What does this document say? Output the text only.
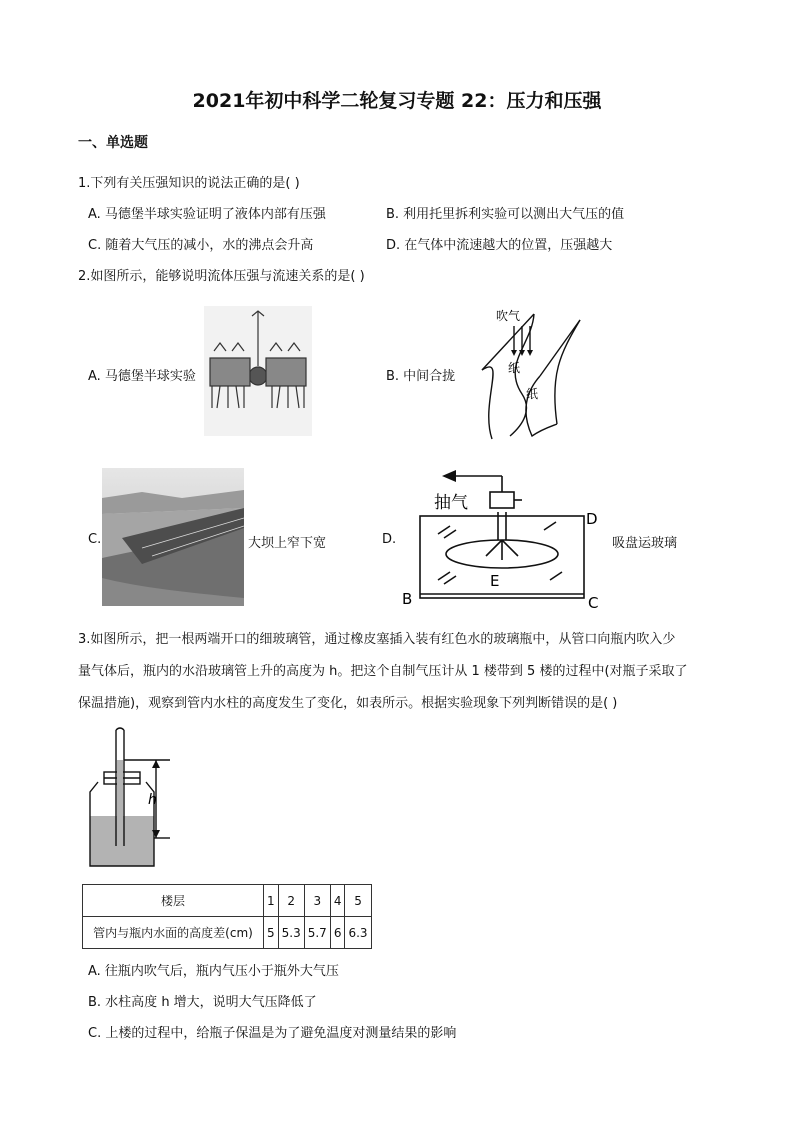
2021年初中科学二轮复习专题 22：压力和压强
一、单选题
1.下列有关压强知识的说法正确的是( )
A. 马德堡半球实验证明了液体内部有压强	B. 利用托里拆利实验可以测出大气压的值
C. 随着大气压的减小，水的沸点会升高	D. 在气体中流速越大的位置，压强越大
2.如图所示，能够说明流体压强与流速关系的是( )
A. 马德堡半球实验	B. 中间合拢
吹气
纸
纸
C.	大坝上窄下宽	D.
抽气
D
B	C
E
吸盘运玻璃
3.如图所示，把一根两端开口的细玻璃管，通过橡皮塞插入装有红色水的玻璃瓶中，从管口向瓶内吹入少
量气体后，瓶内的水沿玻璃管上升的高度为 h。把这个自制气压计从 1 楼带到 5 楼的过程中(对瓶子采取了
保温措施)，观察到管内水柱的高度发生了变化，如表所示。根据实验现象下列判断错误的是( )
h
楼层	1	2	3	4	5
管内与瓶内水面的高度差(cm)	5	5.3	5.7	6	6.3
A. 往瓶内吹气后，瓶内气压小于瓶外大气压
B. 水柱高度 h 增大，说明大气压降低了
C. 上楼的过程中，给瓶子保温是为了避免温度对测量结果的影响
